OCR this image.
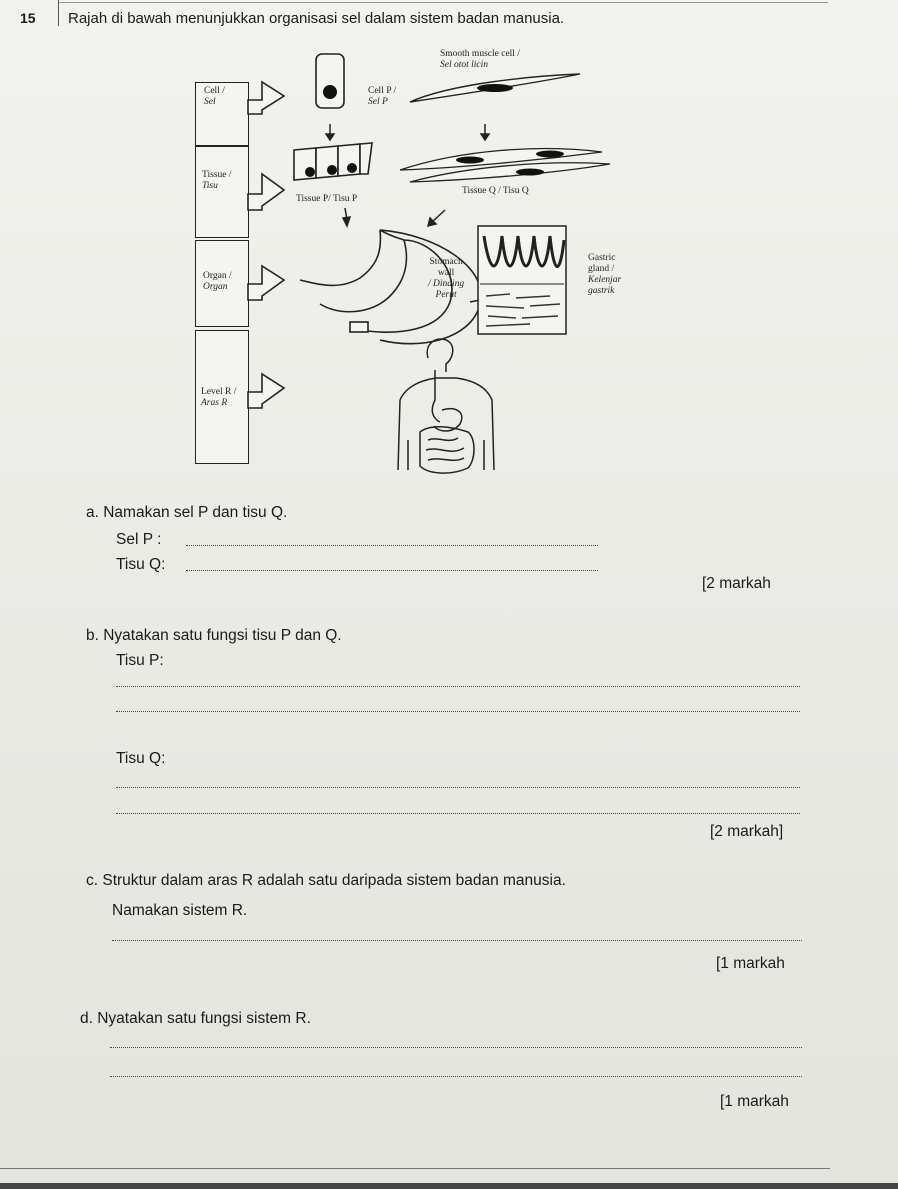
15 Rajah di bawah menunjukkan organisasi sel dalam sistem badan manusia.
Cell /
Sel
Tissue /
Tisu
Organ /
Organ
Level R /
Aras R
Smooth muscle cell /
Sel otot licin
Cell P /
Sel P
Tissue P/ Tisu P
Tissue Q / Tisu Q
Stomach
wall
/ Dinding
Perut
Gastric
gland /
Kelenjar
gastrik
a. Namakan sel P dan tisu Q.
Sel P :
Tisu Q:
[2 markah
b. Nyatakan satu fungsi tisu P dan Q.
Tisu P:
Tisu Q:
[2 markah]
c. Struktur dalam aras R adalah satu daripada sistem badan manusia.
Namakan sistem R.
[1 markah
d. Nyatakan satu fungsi sistem R.
[1 markah
